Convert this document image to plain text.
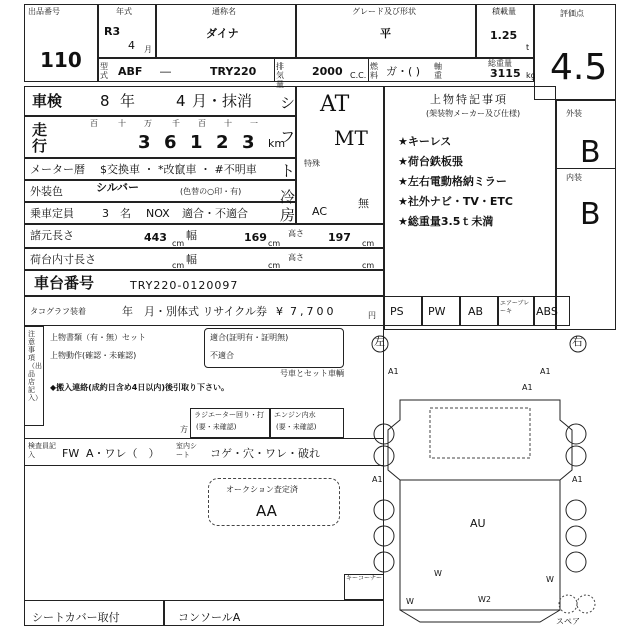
出品番号
110
年式
R3
4 月
通称名
ダイナ
グレード及び形状
平
積載量
1.25
t
評価点
4.5
型式 ABF ―	TRY220 排気量
2000 C.C.
燃料 ガ・( ) 軸重
総重量
3115 kg
車検	8 年	4 月・抹消
走行
百	十 万	千 百 十 一
3 6 1 2 3 km
メーター暦 $交換車 ・ *改竄車 ・ #不明車
外装色	シルバー	(色替の○印・有)
乗車定員	3 名 NOX 適合・不適合
シ
フ
ト
AT
MT
特殊
冷
房 AC
無
諸元長さ	443 cm
幅	169 cm
高さ 197 cm
荷台内寸長さ	cm 幅	cm
高さ
cm
車台番号	TRY220-0120097
タコグラフ装着	年　月・別体式 リサイクル券 ¥ 7,700	円 PS PW AB
エアーブレーキ	ABS
上物特記事項
(架装物メーカー及び仕様)
★キーレス
★荷台鉄板張
★左右電動格納ミラー
★社外ナビ・TV・ETC
★総重量3.5ｔ未満
外装
B
内装
B
注意事項（出品店記入）
上物書類（有・無）セット	適合(証明有・証明無)
不適合
上物動作(確認・未確認)
号車とセット車輌
◆搬入連絡(成約日含め4日以内)後引取り下さい。
ラジエーター回り・打
(要・未確認)
エンジン内水
(要・未確認)
方
検査員記入	FW A・ワレ（　）
室内シート	コゲ・穴・ワレ・破れ
オークション査定済
AA
シートカバー取付	コンソールA
キーコーナー
左	右
A1	A1
A1
A1	A1
AU
W
W
W
W2
スペア
